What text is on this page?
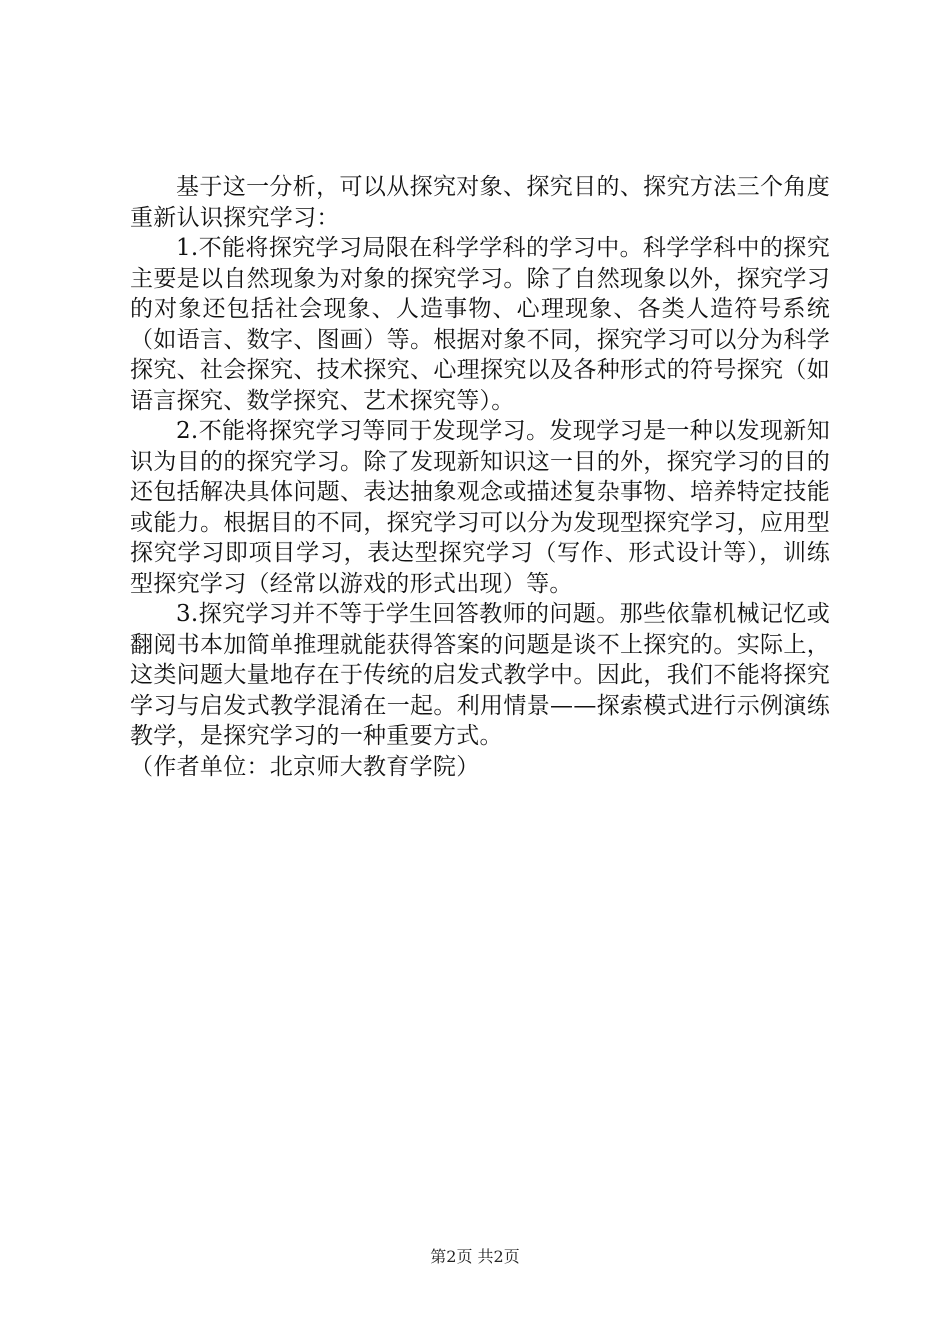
基于这一分析，可以从探究对象、探究目的、探究方法三个角度重新认识探究学习：

1.不能将探究学习局限在科学学科的学习中。科学学科中的探究主要是以自然现象为对象的探究学习。除了自然现象以外，探究学习的对象还包括社会现象、人造事物、心理现象、各类人造符号系统（如语言、数字、图画）等。根据对象不同，探究学习可以分为科学探究、社会探究、技术探究、心理探究以及各种形式的符号探究（如语言探究、数学探究、艺术探究等）。

2.不能将探究学习等同于发现学习。发现学习是一种以发现新知识为目的的探究学习。除了发现新知识这一目的外，探究学习的目的还包括解决具体问题、表达抽象观念或描述复杂事物、培养特定技能或能力。根据目的不同，探究学习可以分为发现型探究学习，应用型探究学习即项目学习，表达型探究学习（写作、形式设计等），训练型探究学习（经常以游戏的形式出现）等。

3.探究学习并不等于学生回答教师的问题。那些依靠机械记忆或翻阅书本加简单推理就能获得答案的问题是谈不上探究的。实际上，这类问题大量地存在于传统的启发式教学中。因此，我们不能将探究学习与启发式教学混淆在一起。利用情景——探索模式进行示例演练教学，是探究学习的一种重要方式。

（作者单位：北京师大教育学院）

第2页 共2页
